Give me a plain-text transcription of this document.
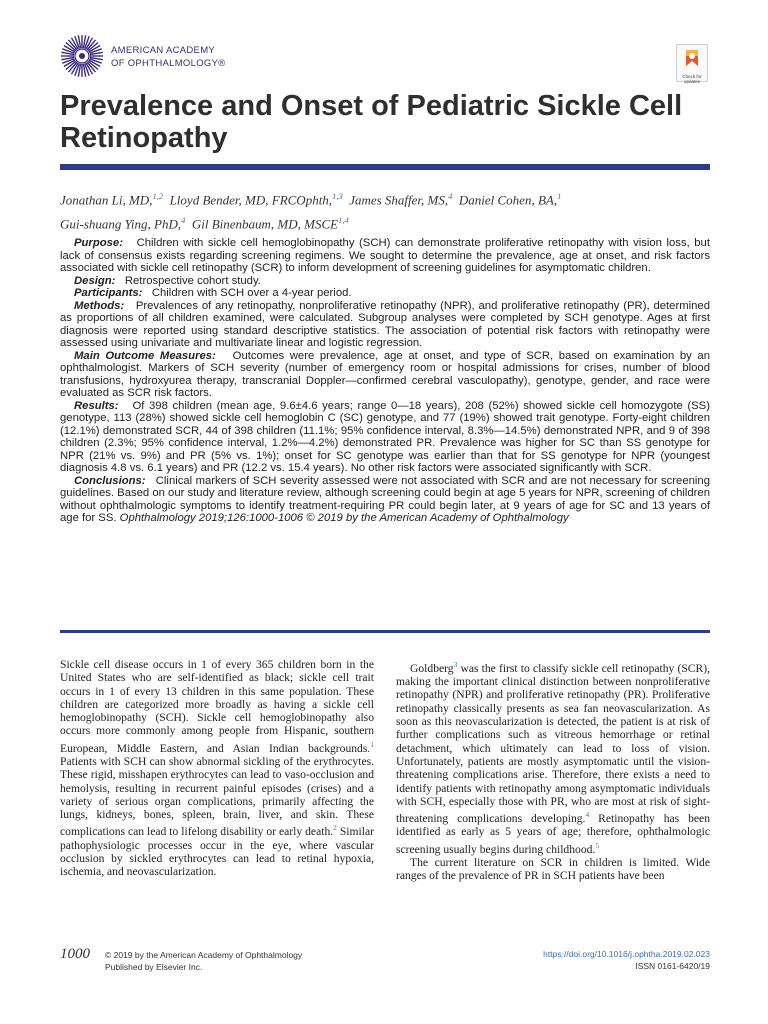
AMERICAN ACADEMY
OF OPHTHALMOLOGY®
Check for updates
Prevalence and Onset of Pediatric Sickle Cell Retinopathy
Jonathan Li, MD,$^{1,2}$ Lloyd Bender, MD, FRCOphth,$^{1,3}$ James Shaffer, MS,$^4$ Daniel Cohen, BA,$^1$
Gui-shuang Ying, PhD,$^4$ Gil Binenbaum, MD, MSCE$^{1,4}$

Purpose: Children with sickle cell hemoglobinopathy (SCH) can demonstrate proliferative retinopathy with vision loss, but lack of consensus exists regarding screening regimens. We sought to determine the prevalence, age at onset, and risk factors associated with sickle cell retinopathy (SCR) to inform development of screening guidelines for asymptomatic children.

Design: Retrospective cohort study.

Participants: Children with SCH over a 4-year period.

Methods: Prevalences of any retinopathy, nonproliferative retinopathy (NPR), and proliferative retinopathy (PR), determined as proportions of all children examined, were calculated. Subgroup analyses were completed by SCH genotype. Ages at first diagnosis were reported using standard descriptive statistics. The association of potential risk factors with retinopathy were assessed using univariate and multivariate linear and logistic regression.

Main Outcome Measures: Outcomes were prevalence, age at onset, and type of SCR, based on examination by an ophthalmologist. Markers of SCH severity (number of emergency room or hospital admissions for crises, number of blood transfusions, hydroxyurea therapy, transcranial Doppler—confirmed cerebral vasculopathy), genotype, gender, and race were evaluated as SCR risk factors.

Results: Of 398 children (mean age, 9.6±4.6 years; range 0—18 years), 208 (52%) showed sickle cell homozygote (SS) genotype, 113 (28%) showed sickle cell hemoglobin C (SC) genotype, and 77 (19%) showed trait genotype. Forty-eight children (12.1%) demonstrated SCR, 44 of 398 children (11.1%; 95% confidence interval, 8.3%—14.5%) demonstrated NPR, and 9 of 398 children (2.3%; 95% confidence interval, 1.2%—4.2%) demonstrated PR. Prevalence was higher for SC than SS genotype for NPR (21% vs. 9%) and PR (5% vs. 1%); onset for SC genotype was earlier than that for SS genotype for NPR (youngest diagnosis 4.8 vs. 6.1 years) and PR (12.2 vs. 15.4 years). No other risk factors were associated significantly with SCR.

Conclusions: Clinical markers of SCH severity assessed were not associated with SCR and are not necessary for screening guidelines. Based on our study and literature review, although screening could begin at age 5 years for NPR, screening of children without ophthalmologic symptoms to identify treatment-requiring PR could begin later, at 9 years of age for SC and 13 years of age for SS. Ophthalmology 2019;126:1000-1006 © 2019 by the American Academy of Ophthalmology

Sickle cell disease occurs in 1 of every 365 children born in the United States who are self-identified as black; sickle cell trait occurs in 1 of every 13 children in this same population. These children are categorized more broadly as having a sickle cell hemoglobinopathy (SCH). Sickle cell hemoglobinopathy also occurs more commonly among people from Hispanic, southern European, Middle Eastern, and Asian Indian backgrounds.$^1$ Patients with SCH can show abnormal sickling of the erythrocytes. These rigid, misshapen erythrocytes can lead to vaso-occlusion and hemolysis, resulting in recurrent painful episodes (crises) and a variety of serious organ complications, primarily affecting the lungs, kidneys, bones, spleen, brain, liver, and skin. These complications can lead to lifelong disability or early death.$^2$ Similar pathophysiologic processes occur in the eye, where vascular occlusion by sickled erythrocytes can lead to retinal hypoxia, ischemia, and neovascularization.

Goldberg$^3$ was the first to classify sickle cell retinopathy (SCR), making the important clinical distinction between nonproliferative retinopathy (NPR) and proliferative retinopathy (PR). Proliferative retinopathy classically presents as sea fan neovascularization. As soon as this neovascularization is detected, the patient is at risk of further complications such as vitreous hemorrhage or retinal detachment, which ultimately can lead to loss of vision. Unfortunately, patients are mostly asymptomatic until the vision-threatening complications arise. Therefore, there exists a need to identify patients with retinopathy among asymptomatic individuals with SCH, especially those with PR, who are most at risk of sight-threatening complications developing.$^4$ Retinopathy has been identified as early as 5 years of age; therefore, ophthalmologic screening usually begins during childhood.$^5$

The current literature on SCR in children is limited. Wide ranges of the prevalence of PR in SCH patients have been

1000 © 2019 by the American Academy of Ophthalmology
Published by Elsevier Inc.
https://doi.org/10.1016/j.ophtha.2019.02.023
ISSN 0161-6420/19
